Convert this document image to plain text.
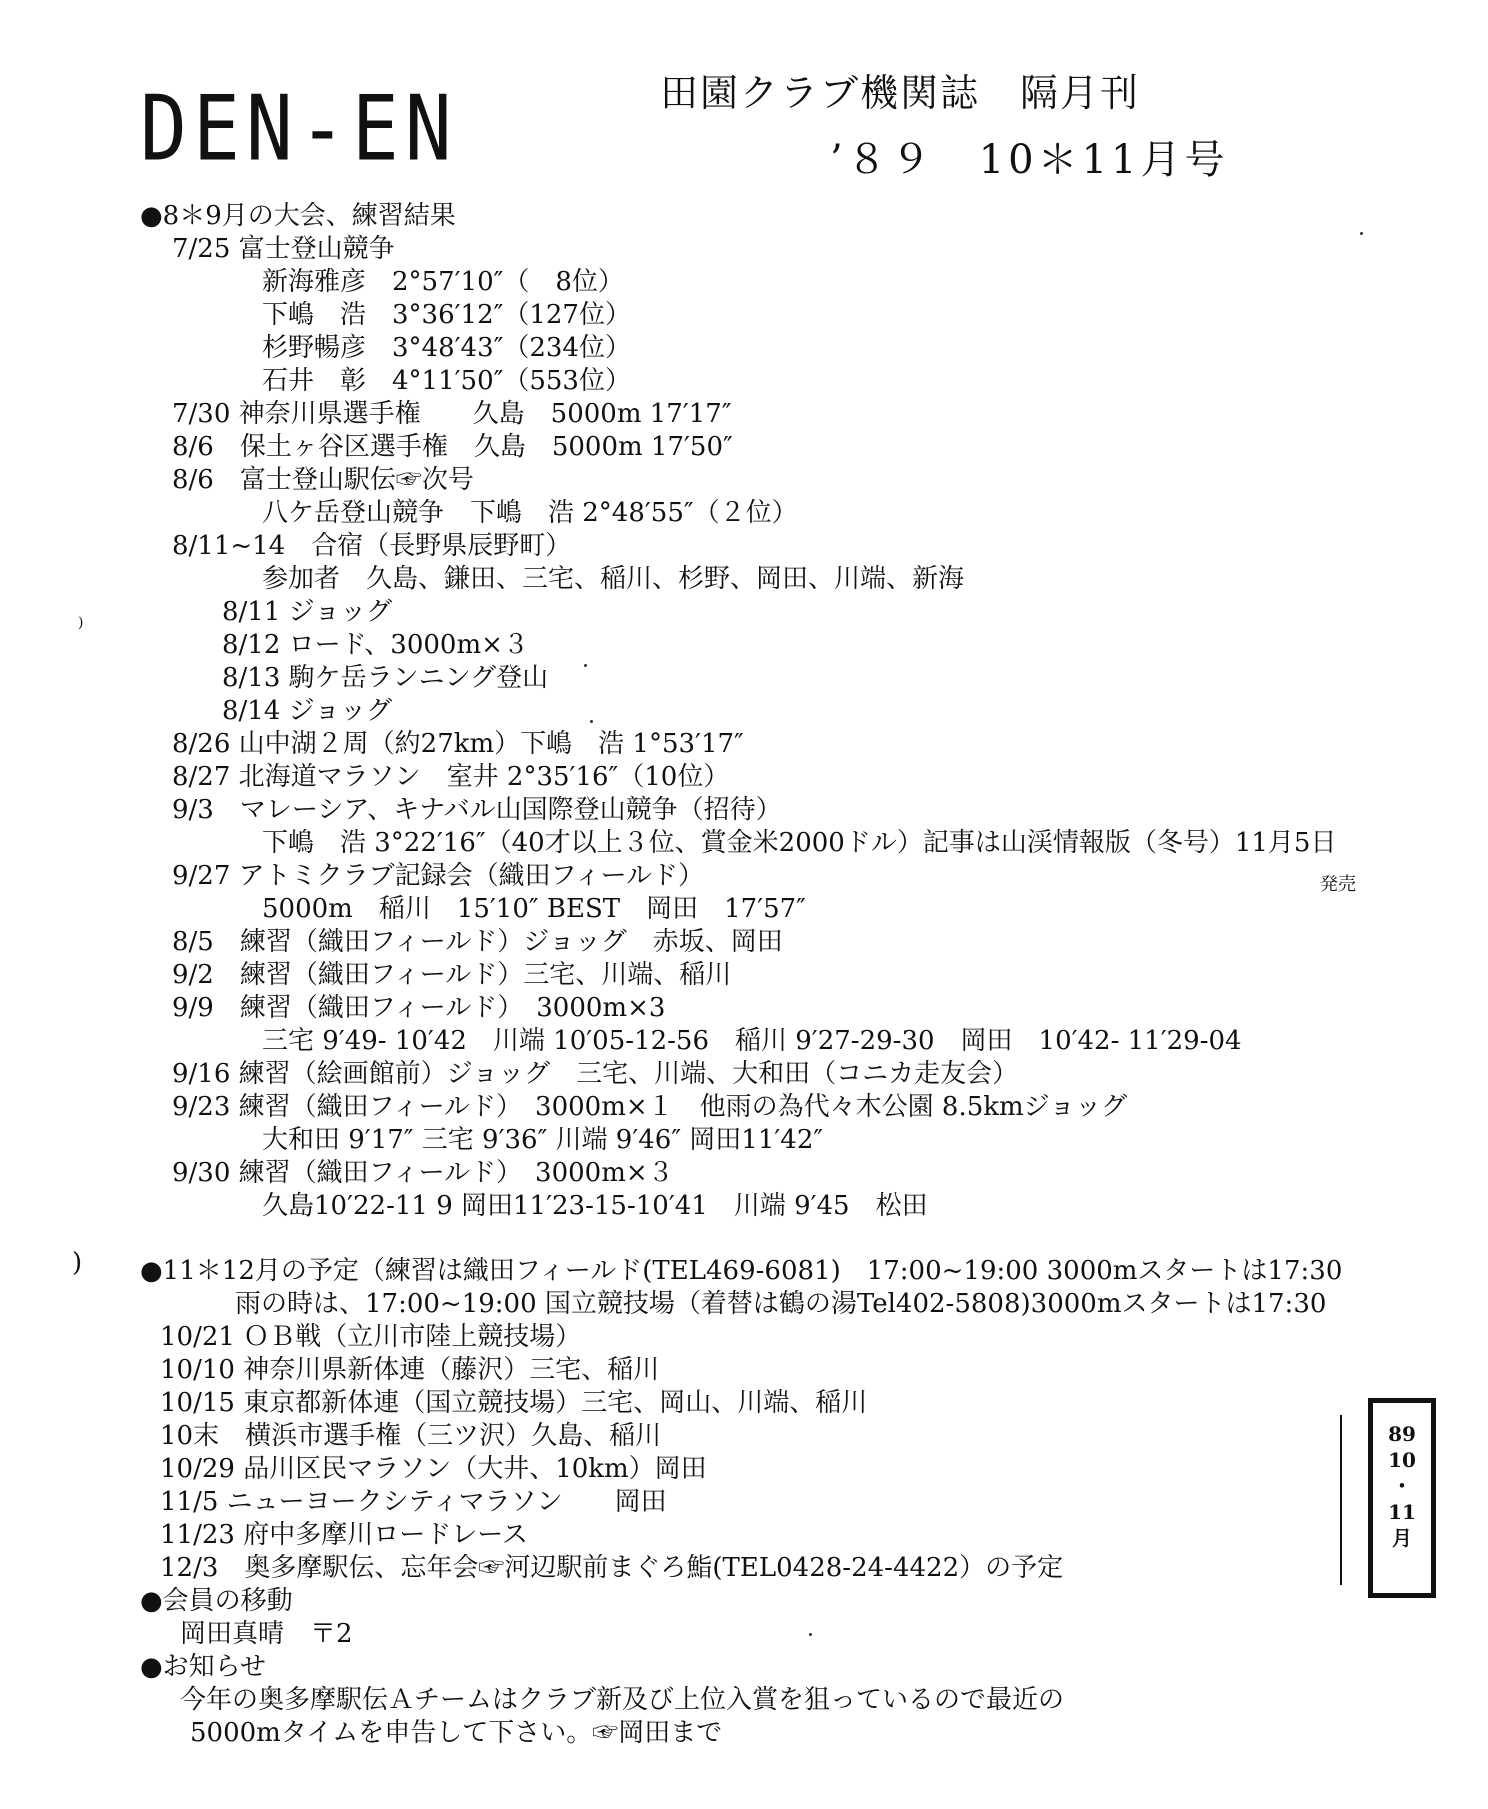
DEN-EN	田園クラブ機関誌　隔月刊
’８９　10＊11月号
●8＊9月の大会、練習結果
7/25 富士登山競争
新海雅彦　2°57′10″（　8位）
下嶋　浩　3°36′12″（127位）
杉野暢彦　3°48′43″（234位）
石井　彰　4°11′50″（553位）
7/30 神奈川県選手権　　久島　5000m 17′17″
8/6　保土ヶ谷区選手権　久島　5000m 17′50″
8/6　富士登山駅伝☞次号
八ケ岳登山競争　下嶋　浩 2°48′55″（２位）
8/11~14　合宿（長野県辰野町）
参加者　久島、鎌田、三宅、稲川、杉野、岡田、川端、新海
8/11 ジョッグ
8/12 ロード、3000m×３
8/13 駒ケ岳ランニング登山
8/14 ジョッグ
8/26 山中湖２周（約27km）下嶋　浩 1°53′17″
8/27 北海道マラソン　室井 2°35′16″（10位）
9/3　マレーシア、キナバル山国際登山競争（招待）
下嶋　浩 3°22′16″（40才以上３位、賞金米2000ドル）記事は山渓情報版（冬号）11月5日
9/27 アトミクラブ記録会（織田フィールド）
5000m　稲川　15′10″ BEST　岡田　17′57″
8/5　練習（織田フィールド）ジョッグ　赤坂、岡田
9/2　練習（織田フィールド）三宅、川端、稲川
9/9　練習（織田フィールド）　3000m×3
三宅 9′49- 10′42　川端 10′05-12-56　稲川 9′27-29-30　岡田　10′42- 11′29-04
9/16 練習（絵画館前）ジョッグ　三宅、川端、大和田（コニカ走友会）
9/23 練習（織田フィールド）　3000m×１　他雨の為代々木公園 8.5kmジョッグ
大和田 9′17″ 三宅 9′36″ 川端 9′46″ 岡田11′42″
9/30 練習（織田フィールド）　3000m×３
久島10′22-11 9 岡田11′23-15-10′41　川端 9′45　松田
●11＊12月の予定（練習は織田フィールド(TEL469-6081)　17:00~19:00 3000mスタートは17:30
雨の時は、17:00~19:00 国立競技場（着替は鶴の湯Tel402-5808)3000mスタートは17:30
10/21 ＯＢ戦（立川市陸上競技場）
10/10 神奈川県新体連（藤沢）三宅、稲川
10/15 東京都新体連（国立競技場）三宅、岡山、川端、稲川
10末　横浜市選手権（三ツ沢）久島、稲川
10/29 品川区民マラソン（大井、10km）岡田
11/5 ニューヨークシティマラソン　　岡田
11/23 府中多摩川ロードレース
12/3　奥多摩駅伝、忘年会☞河辺駅前まぐろ鮨(TEL0428-24-4422）の予定
●会員の移動
岡田真晴　〒2
●お知らせ
今年の奥多摩駅伝Ａチームはクラブ新及び上位入賞を狙っているので最近の
5000mタイムを申告して下さい。☞岡田まで
発売
89
10
・
11
月
)
)
